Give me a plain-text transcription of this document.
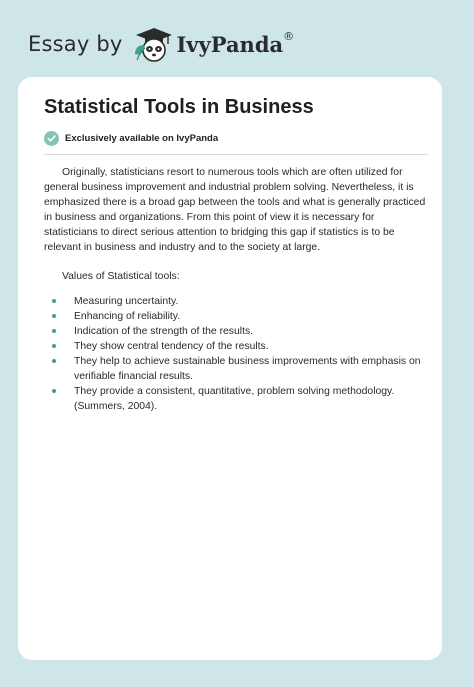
Essay by	IvyPanda®
Statistical Tools in Business
Exclusively available on IvyPanda

Originally, statisticians resort to numerous tools which are often utilized for general business improvement and industrial problem solving. Nevertheless, it is emphasized there is a broad gap between the tools and what is generally practiced in business and organizations. From this point of view it is necessary for statisticians to direct serious attention to bridging this gap if statistics is to be relevant in business and industry and to the society at large.

Values of Statistical tools:

Measuring uncertainty.
Enhancing of reliability.
Indication of the strength of the results.
They show central tendency of the results.
They help to achieve sustainable business improvements with emphasis on verifiable financial results.
They provide a consistent, quantitative, problem solving methodology. (Summers, 2004).
